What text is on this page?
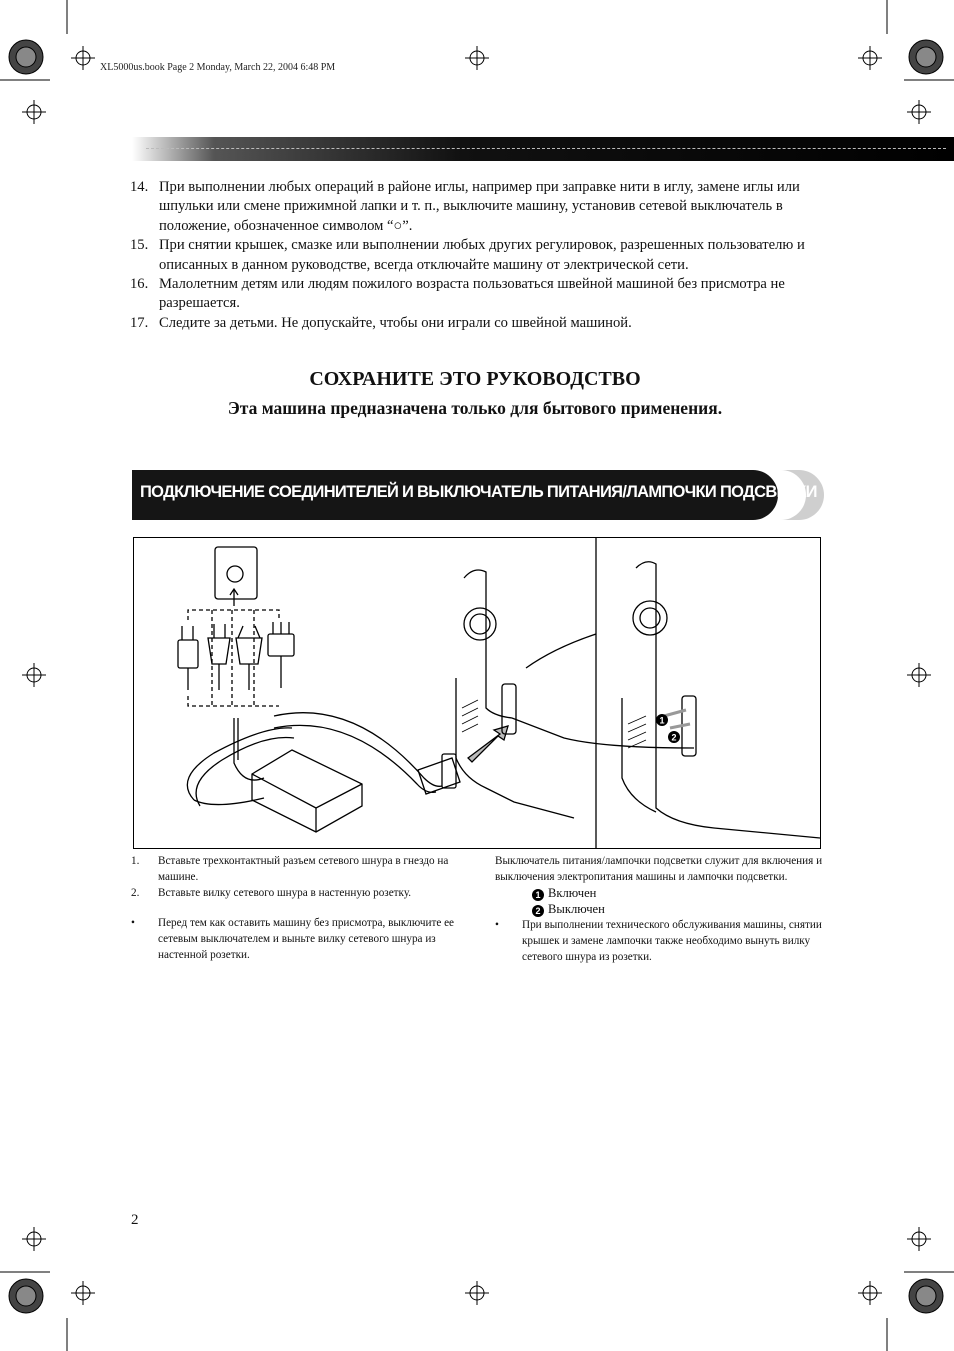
XL5000us.book Page 2 Monday, March 22, 2004 6:48 PM
14. При выполнении любых операций в районе иглы, например при заправке нити в иглу, замене иглы или шпульки или смене прижимной лапки и т. п., выключите машину, установив сетевой выключатель в положение, обозначенное символом “○”.
15. При снятии крышек, смазке или выполнении любых других регулировок, разрешенных пользователю и описанных в данном руководстве, всегда отключайте машину от электрической сети.
16. Малолетним детям или людям пожилого возраста пользоваться швейной машиной без присмотра не разрешается.
17. Следите за детьми. Не допускайте, чтобы они играли со швейной машиной.
СОХРАНИТЕ ЭТО РУКОВОДСТВО
Эта машина предназначена только для бытового применения.
ПОДКЛЮЧЕНИЕ СОЕДИНИТЕЛЕЙ И ВЫКЛЮЧАТЕЛЬ ПИТАНИЯ/ЛАМПОЧКИ ПОДСВЕТКИ
1
2
1. Вставьте трехконтактный разъем сетевого шнура в гнездо на машине.
2. Вставьте вилку сетевого шнура в настенную розетку.
• Перед тем как оставить машину без присмотра, выключите ее сетевым выключателем и выньте вилку сетевого шнура из настенной розетки.
Выключатель питания/лампочки подсветки служит для включения и выключения электропитания машины и лампочки подсветки.
1 Включен
2 Выключен
• При выполнении технического обслуживания машины, снятии крышек и замене лампочки также необходимо вынуть вилку сетевого шнура из розетки.
2
